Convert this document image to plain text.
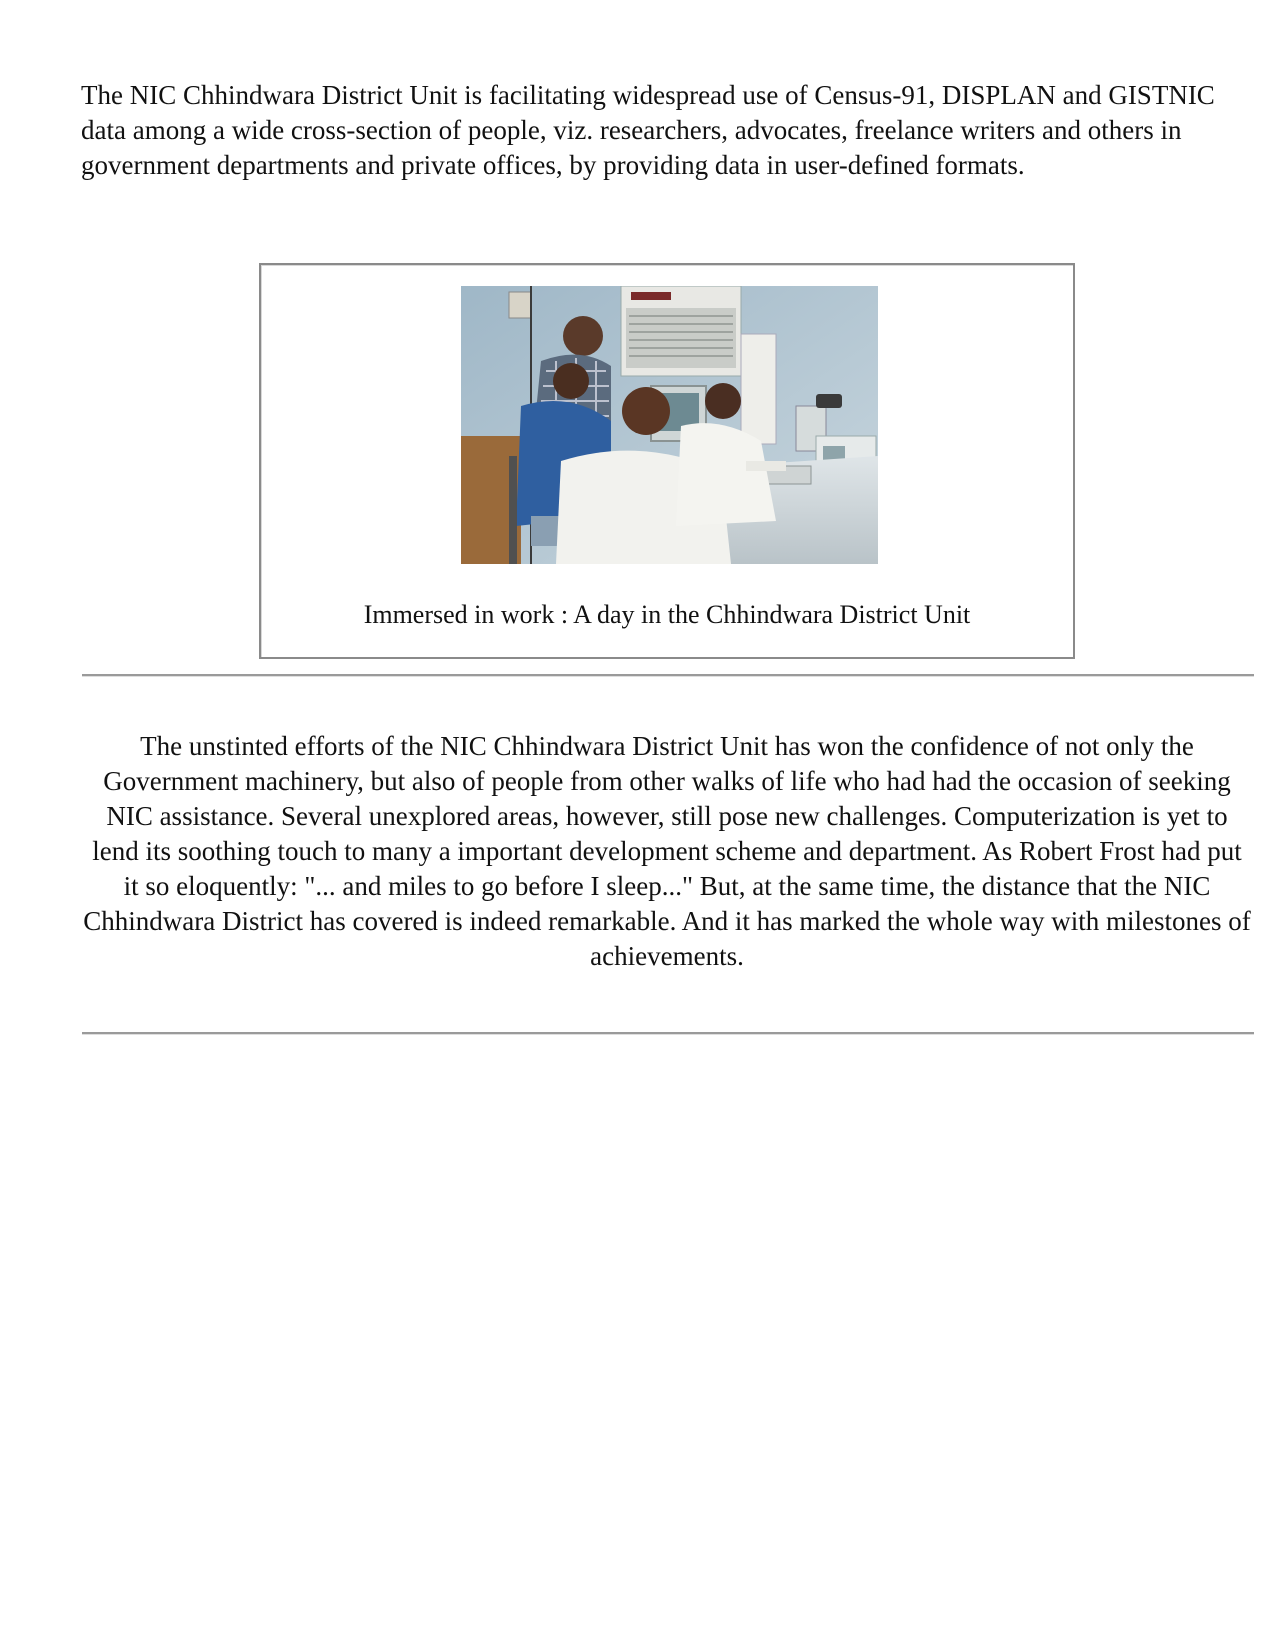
The NIC Chhindwara District Unit is facilitating widespread use of Census-91, DISPLAN and GISTNIC data among a wide cross-section of people, viz. researchers, advocates, freelance writers and others in government departments and private offices, by providing data in user-defined formats.

Immersed in work : A day in the Chhindwara District Unit

The unstinted efforts of the NIC Chhindwara District Unit has won the confidence of not only the Government machinery, but also of people from other walks of life who had had the occasion of seeking NIC assistance. Several unexplored areas, however, still pose new challenges. Computerization is yet to lend its soothing touch to many a important development scheme and department. As Robert Frost had put it so eloquently: "... and miles to go before I sleep..." But, at the same time, the distance that the NIC Chhindwara District has covered is indeed remarkable. And it has marked the whole way with milestones of achievements.
